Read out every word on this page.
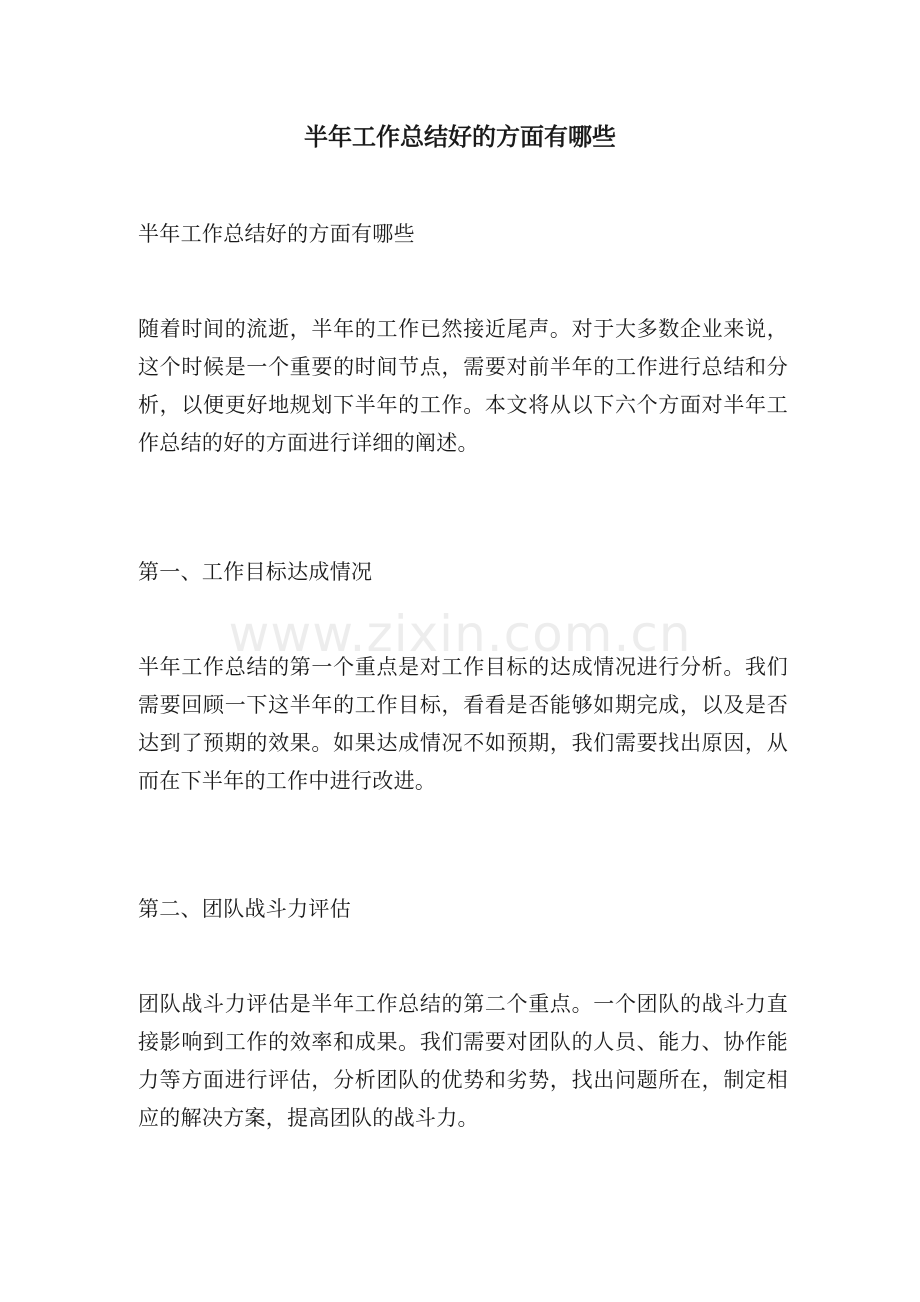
半年工作总结好的方面有哪些

半年工作总结好的方面有哪些

随着时间的流逝，半年的工作已然接近尾声。对于大多数企业来说，这个时候是一个重要的时间节点，需要对前半年的工作进行总结和分析，以便更好地规划下半年的工作。本文将从以下六个方面对半年工作总结的好的方面进行详细的阐述。

第一、工作目标达成情况

半年工作总结的第一个重点是对工作目标的达成情况进行分析。我们需要回顾一下这半年的工作目标，看看是否能够如期完成，以及是否达到了预期的效果。如果达成情况不如预期，我们需要找出原因，从而在下半年的工作中进行改进。

第二、团队战斗力评估

团队战斗力评估是半年工作总结的第二个重点。一个团队的战斗力直接影响到工作的效率和成果。我们需要对团队的人员、能力、协作能力等方面进行评估，分析团队的优势和劣势，找出问题所在，制定相应的解决方案，提高团队的战斗力。

www.zixin.com.cn
